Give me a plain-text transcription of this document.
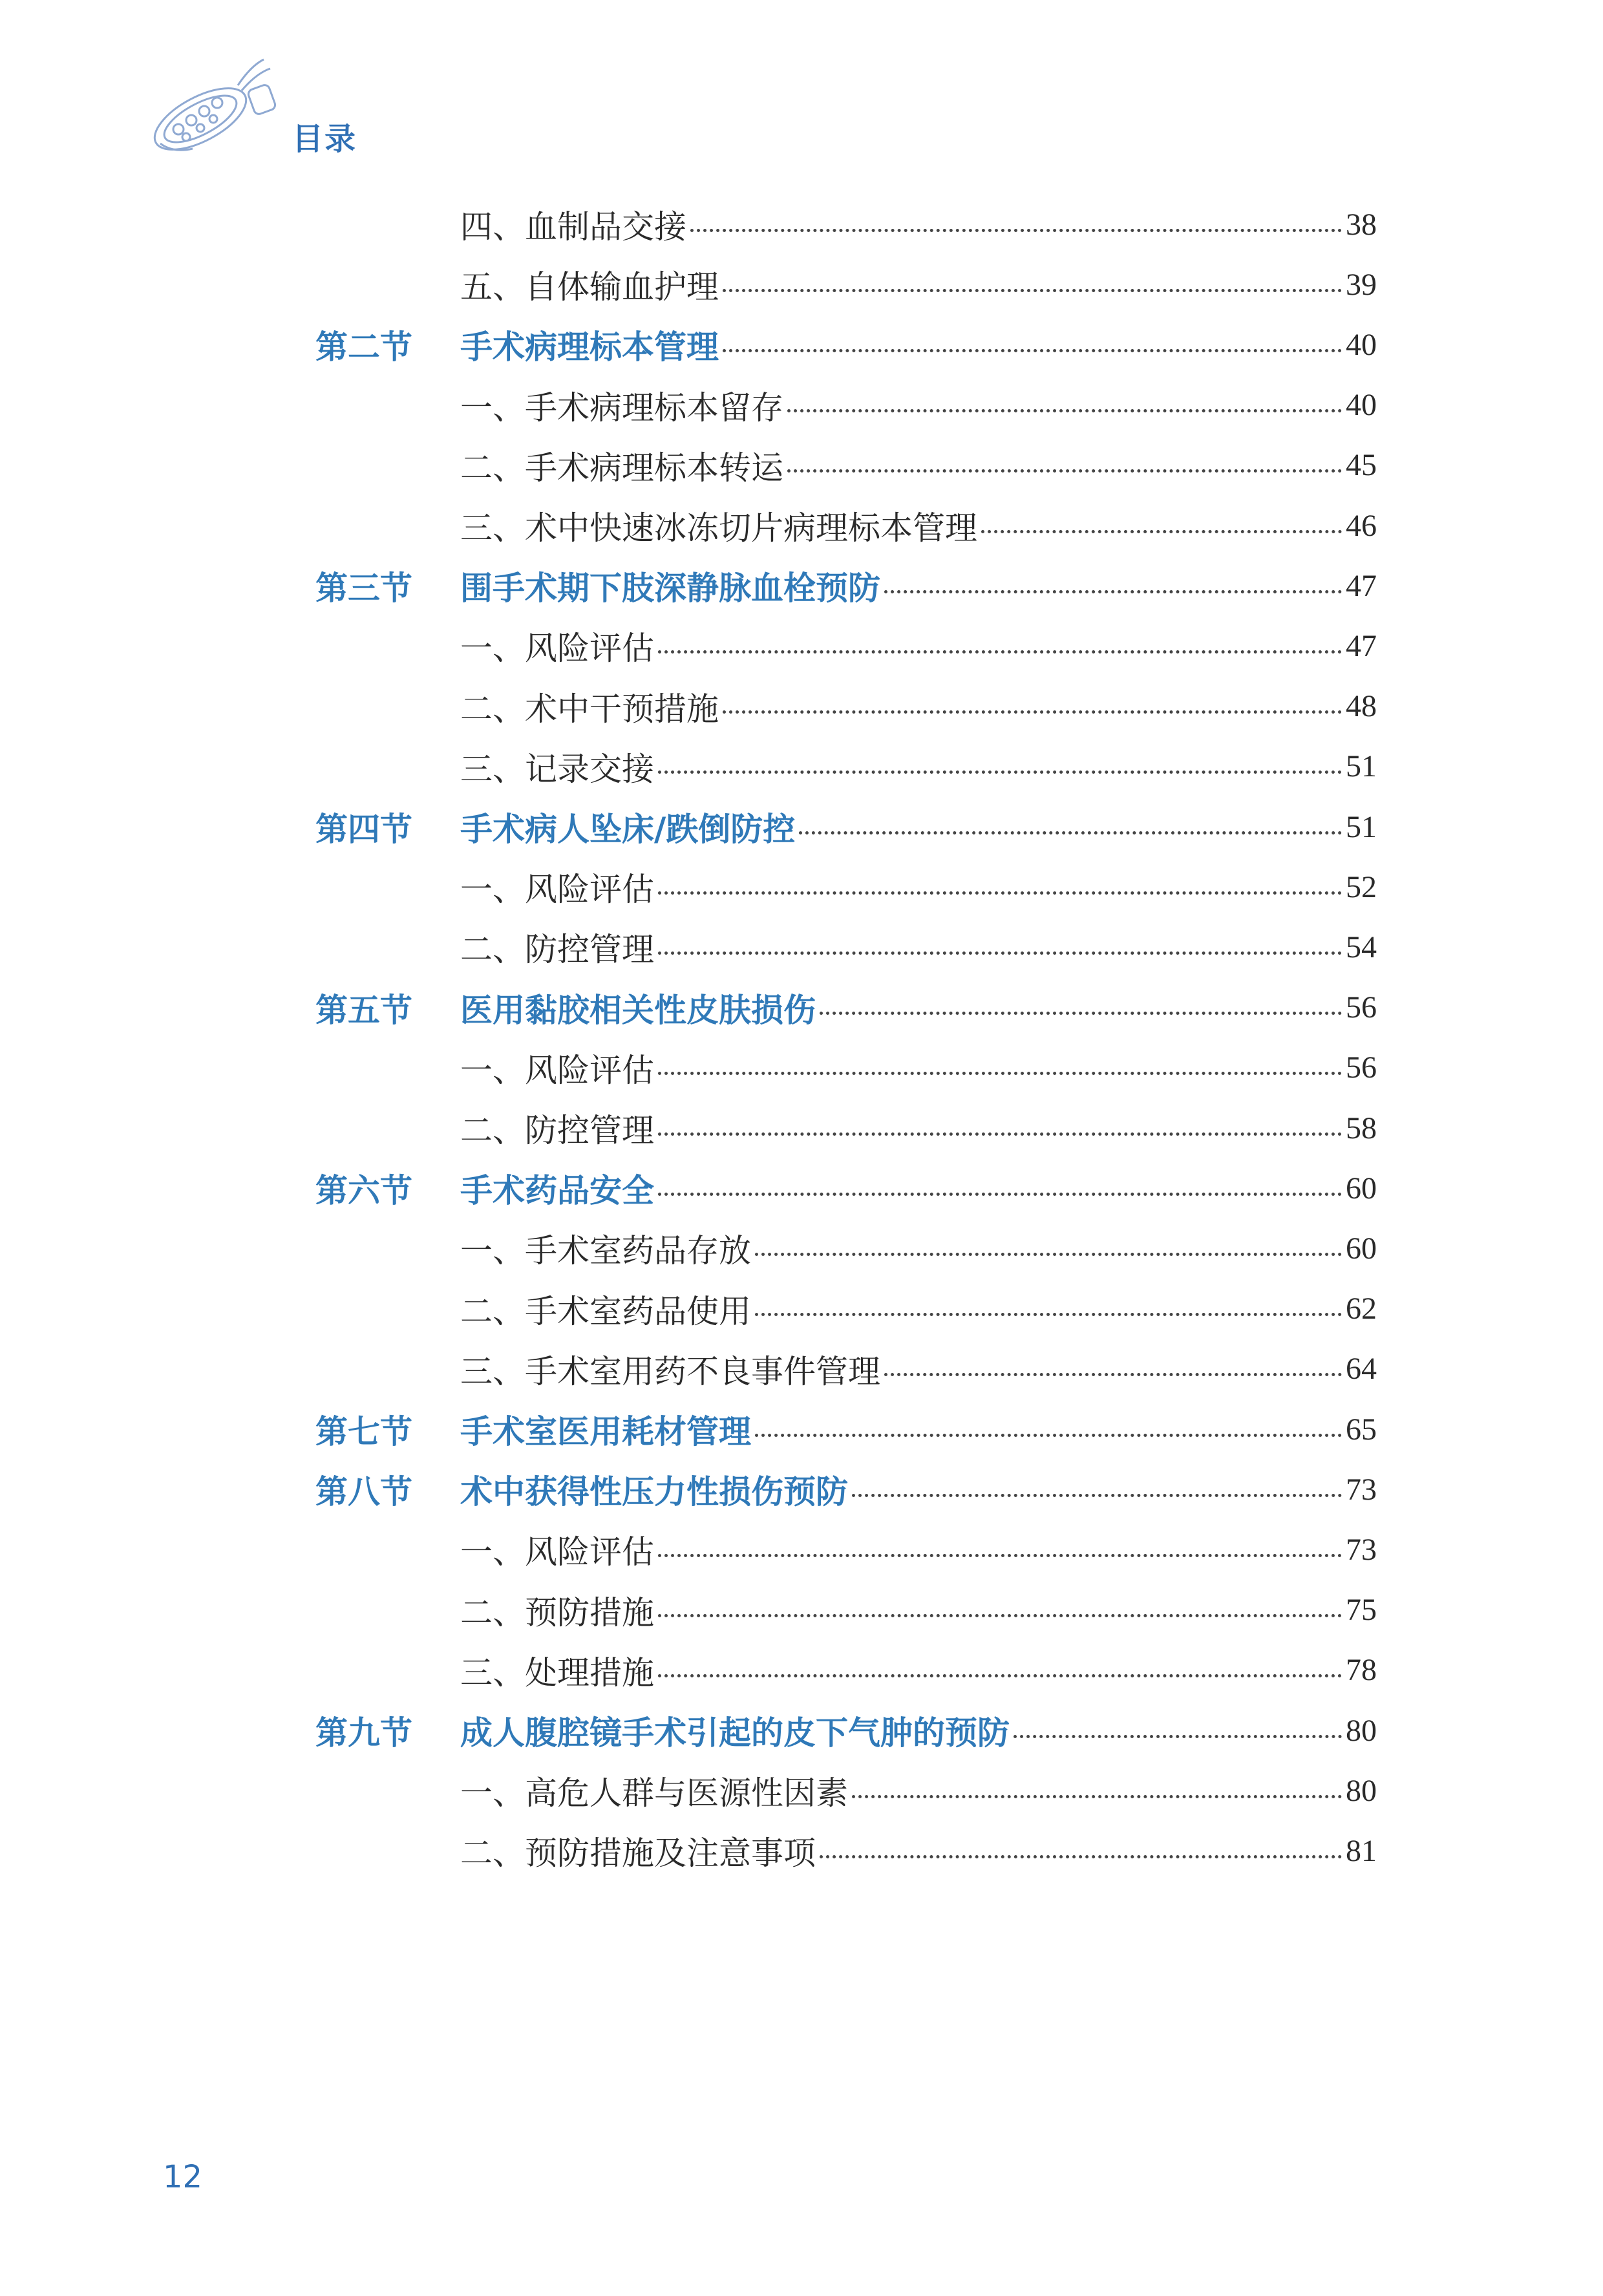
目录
四、血制品交接	38
五、自体输血护理	39
第二节 手术病理标本管理	40
一、手术病理标本留存	40
二、手术病理标本转运	45
三、术中快速冰冻切片病理标本管理	46
第三节 围手术期下肢深静脉血栓预防	47
一、风险评估	47
二、术中干预措施	48
三、记录交接	51
第四节 手术病人坠床/跌倒防控	51
一、风险评估	52
二、防控管理	54
第五节 医用黏胶相关性皮肤损伤	56
一、风险评估	56
二、防控管理	58
第六节 手术药品安全	60
一、手术室药品存放	60
二、手术室药品使用	62
三、手术室用药不良事件管理	64
第七节 手术室医用耗材管理	65
第八节 术中获得性压力性损伤预防	73
一、风险评估	73
二、预防措施	75
三、处理措施	78
第九节 成人腹腔镜手术引起的皮下气肿的预防	80
一、高危人群与医源性因素	80
二、预防措施及注意事项	81
12
